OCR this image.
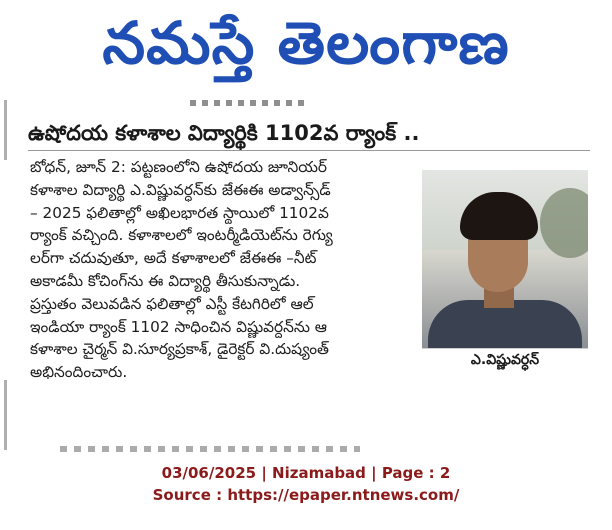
నమస్తే తెలంగాణ
ఉషోదయ కళాశాల విద్యార్థికి 1102వ ర్యాంక్ ..
బోధన్, జూన్ 2: పట్టణంలోని ఉషోదయ జూనియర్
కళాశాల విద్యార్థి ఎ.విష్ణువర్ధన్‌కు జేఈఈ అడ్వాన్స్‌డ్
– 2025 ఫలితాల్లో అఖిలభారత స్థాయిలో 1102వ
ర్యాంక్ వచ్చింది. కళాశాలలో ఇంటర్మీడియెట్‌ను రెగ్యు
లర్‌గా చదువుతూ, అదే కళాశాలలో జేఈఈ –నీట్
అకాడమీ కోచింగ్‌ను ఈ విద్యార్థి తీసుకున్నాడు.
ప్రస్తుతం వెలువడిన ఫలితాల్లో ఎస్టీ కేటగిరిలో ఆల్
ఇండియా ర్యాంక్ 1102 సాధించిన విష్ణువర్ధన్‌ను ఆ
కళాశాల చైర్మన్ వి.సూర్యప్రకాశ్, డైరెక్టర్ వి.దుష్యంత్
అభినందించారు.
ఎ.విష్ణువర్ధన్
03/06/2025 | Nizamabad | Page : 2
Source : https://epaper.ntnews.com/
